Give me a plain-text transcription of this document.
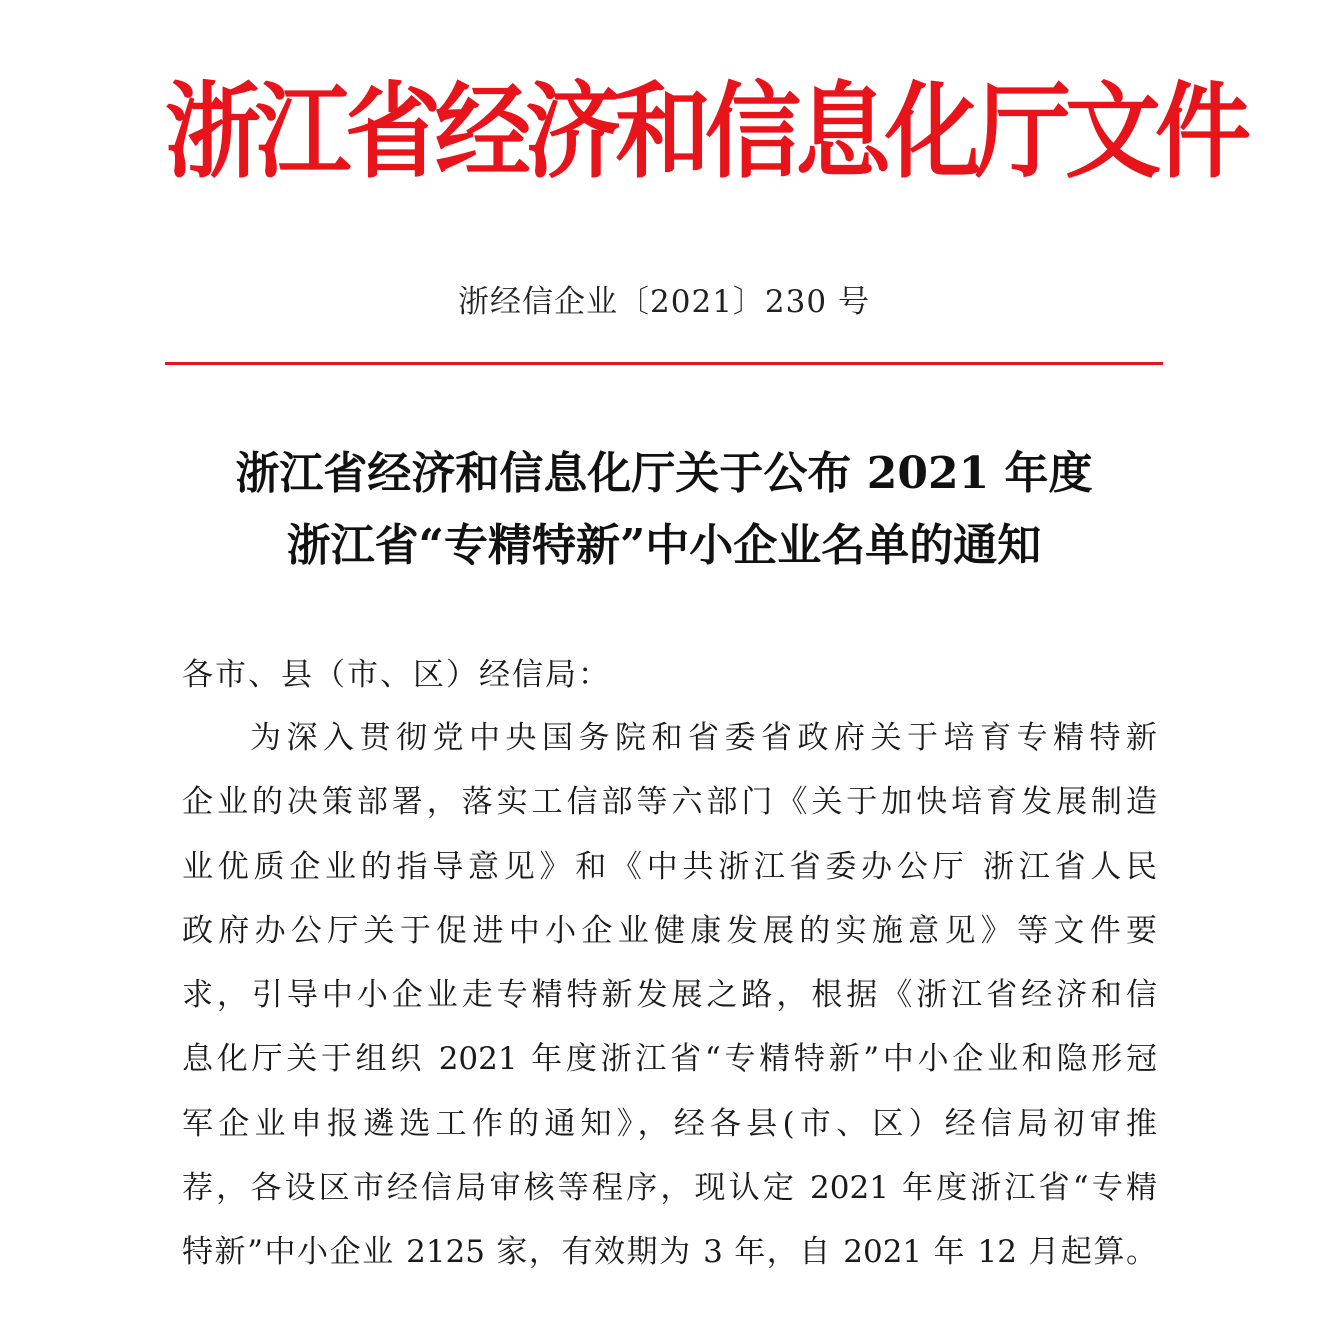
浙江省经济和信息化厅文件
浙经信企业〔2021〕230 号
浙江省经济和信息化厅关于公布 2021 年度
浙江省“专精特新”中小企业名单的通知
各市、县（市、区）经信局：
为深入贯彻党中央国务院和省委省政府关于培育专精特新
企业的决策部署，落实工信部等六部门《关于加快培育发展制造
业优质企业的指导意见》和《中共浙江省委办公厅 浙江省人民
政府办公厅关于促进中小企业健康发展的实施意见》等文件要
求，引导中小企业走专精特新发展之路，根据《浙江省经济和信
息化厅关于组织 2021 年度浙江省“专精特新”中小企业和隐形冠
军企业申报遴选工作的通知》，经各县(市、区）经信局初审推
荐，各设区市经信局审核等程序，现认定 2021 年度浙江省“专精
特新”中小企业 2125 家，有效期为 3 年，自 2021 年 12 月起算。
